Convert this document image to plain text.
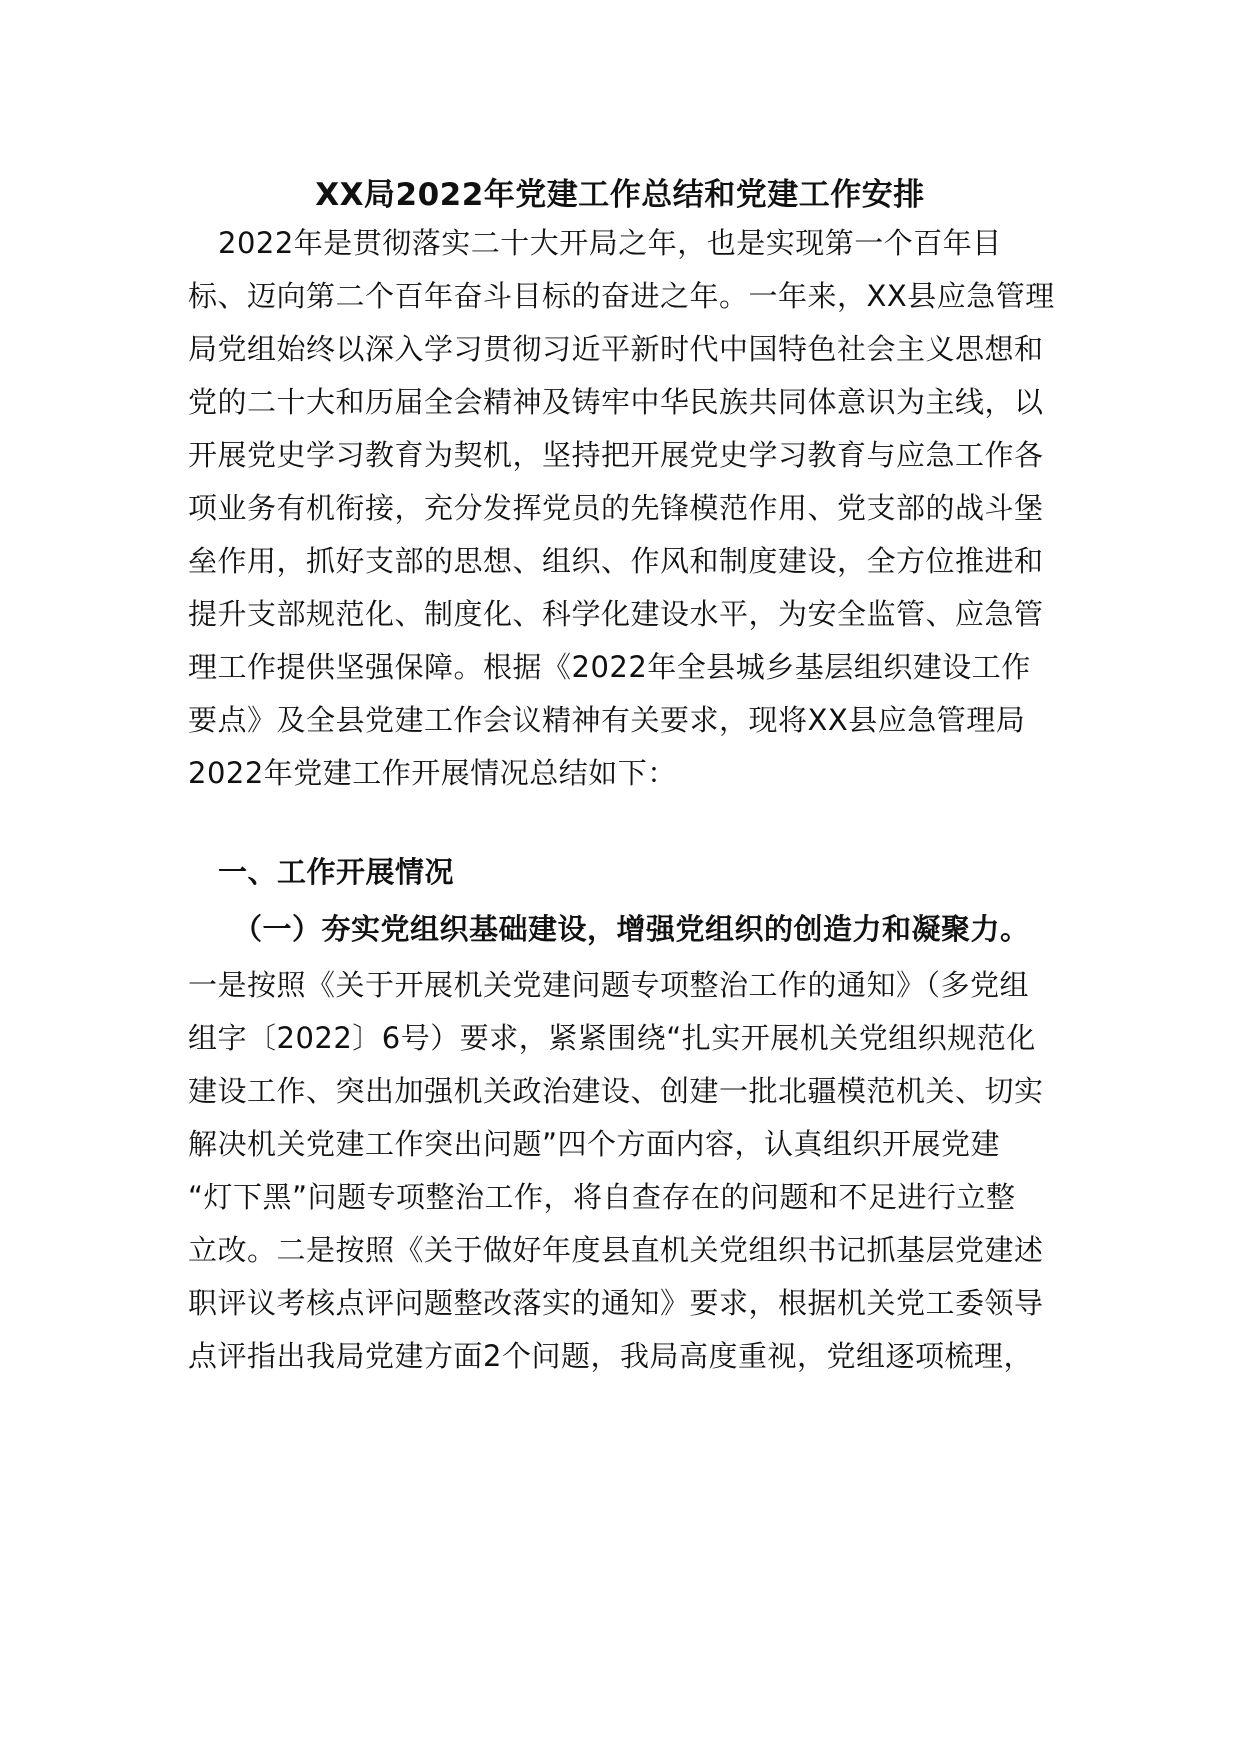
XX局2022年党建工作总结和党建工作安排
2022年是贯彻落实二十大开局之年，也是实现第一个百年目
标、迈向第二个百年奋斗目标的奋进之年。一年来，XX县应急管理
局党组始终以深入学习贯彻习近平新时代中国特色社会主义思想和
党的二十大和历届全会精神及铸牢中华民族共同体意识为主线，以
开展党史学习教育为契机，坚持把开展党史学习教育与应急工作各
项业务有机衔接，充分发挥党员的先锋模范作用、党支部的战斗堡
垒作用，抓好支部的思想、组织、作风和制度建设，全方位推进和
提升支部规范化、制度化、科学化建设水平，为安全监管、应急管
理工作提供坚强保障。根据《2022年全县城乡基层组织建设工作
要点》及全县党建工作会议精神有关要求，现将XX县应急管理局
2022年党建工作开展情况总结如下：
一、工作开展情况
（一）夯实党组织基础建设，增强党组织的创造力和凝聚力。
一是按照《关于开展机关党建问题专项整治工作的通知》（多党组
组字〔2022〕6号）要求，紧紧围绕“扎实开展机关党组织规范化
建设工作、突出加强机关政治建设、创建一批北疆模范机关、切实
解决机关党建工作突出问题”四个方面内容，认真组织开展党建
“灯下黑”问题专项整治工作，将自查存在的问题和不足进行立整
立改。二是按照《关于做好年度县直机关党组织书记抓基层党建述
职评议考核点评问题整改落实的通知》要求，根据机关党工委领导
点评指出我局党建方面2个问题，我局高度重视，党组逐项梳理，
